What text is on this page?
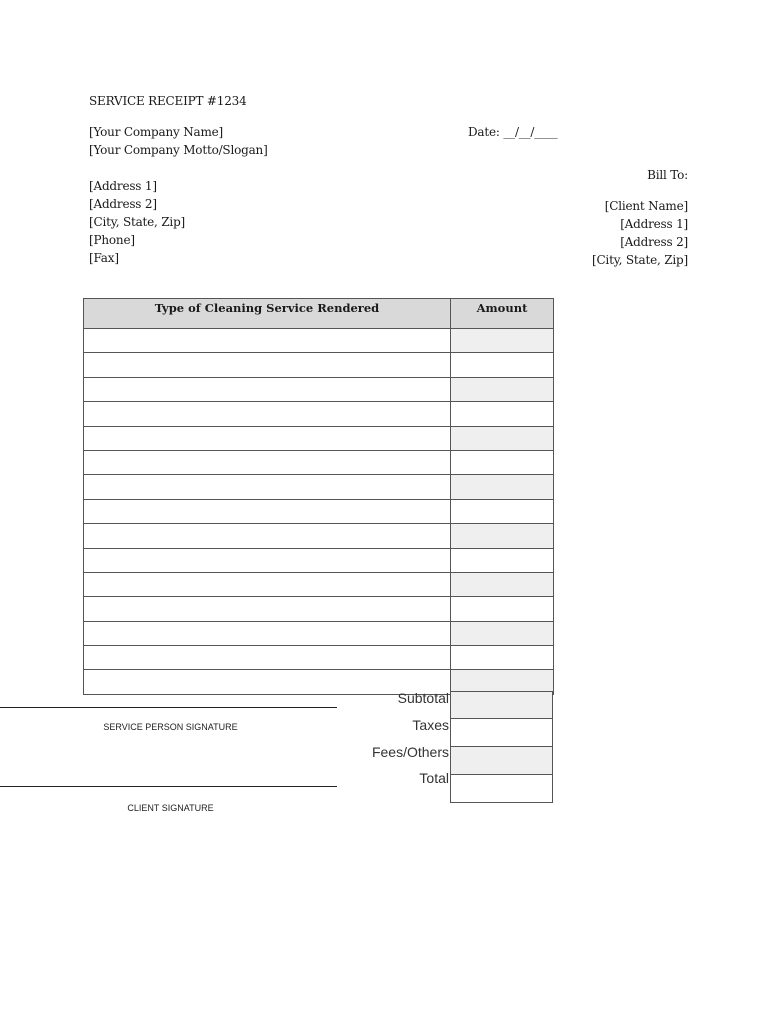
SERVICE RECEIPT #1234
[Your Company Name]
[Your Company Motto/Slogan]
[Address 1]
[Address 2]
[City, State, Zip]
[Phone]
[Fax]
Date: __/__/____
Bill To:
[Client Name]
[Address 1]
[Address 2]
[City, State, Zip]
Type of Cleaning Service Rendered	Amount

Subtotal
Taxes
Fees/Others
Total
SERVICE PERSON SIGNATURE
CLIENT SIGNATURE
